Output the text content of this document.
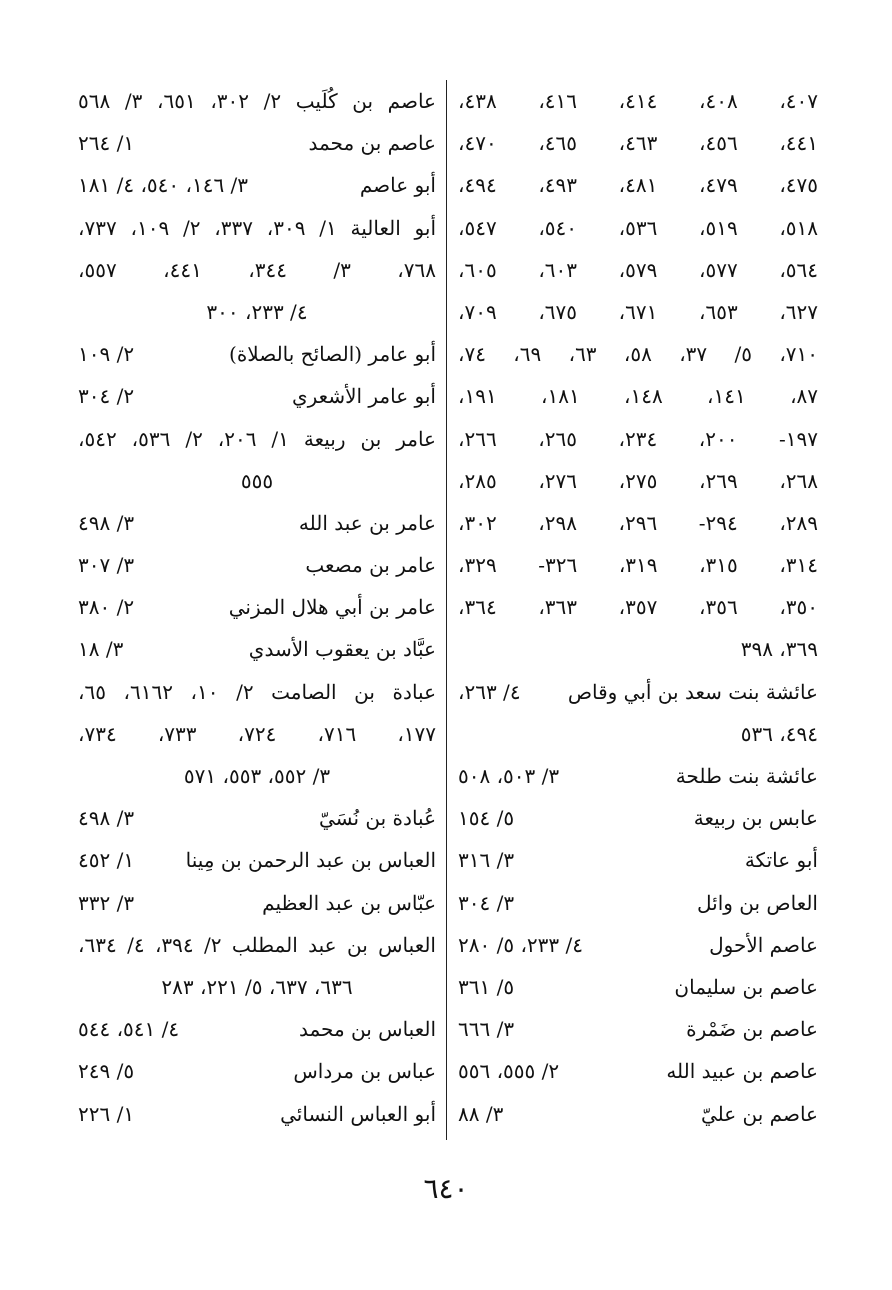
٤٠٧، ٤٠٨، ٤١٤، ٤١٦، ٤٣٨،
٤٤١، ٤٥٦، ٤٦٣، ٤٦٥، ٤٧٠،
٤٧٥، ٤٧٩، ٤٨١، ٤٩٣، ٤٩٤،
٥١٨، ٥١٩، ٥٣٦، ٥٤٠، ٥٤٧،
٥٦٤، ٥٧٧، ٥٧٩، ٦٠٣، ٦٠٥،
٦٢٧، ٦٥٣، ٦٧١، ٦٧٥، ٧٠٩،
٧١٠، ٥/ ٣٧، ٥٨، ٦٣، ٦٩، ٧٤،
٨٧، ١٤١، ١٤٨، ١٨١، ١٩١،
١٩٧- ٢٠٠، ٢٣٤، ٢٦٥، ٢٦٦،
٢٦٨، ٢٦٩، ٢٧٥، ٢٧٦، ٢٨٥،
٢٨٩، ٢٩٤- ٢٩٦، ٢٩٨، ٣٠٢،
٣١٤، ٣١٥، ٣١٩، ٣٢٦- ٣٢٩،
٣٥٠، ٣٥٦، ٣٥٧، ٣٦٣، ٣٦٤،
٣٦٩، ٣٩٨
عائشة بنت سعد بن أبي وقاص
٤/ ٢٦٣،
٤٩٤، ٥٣٦
عائشة بنت طلحة
٣/ ٥٠٣، ٥٠٨
عابس بن ربيعة
٥/ ١٥٤
أبو عاتكة
٣/ ٣١٦
العاص بن وائل
٣/ ٣٠٤
عاصم الأحول
٤/ ٢٣٣، ٥/ ٢٨٠
عاصم بن سليمان
٥/ ٣٦١
عاصم بن ضَمْرة
٣/ ٦٦٦
عاصم بن عبيد الله
٢/ ٥٥٥، ٥٥٦
عاصم بن عليّ
٣/ ٨٨
عاصم بن كُلَيب ٢/ ٣٠٢، ٦٥١، ٣/ ٥٦٨
عاصم بن محمد
١/ ٢٦٤
أبو عاصم
٣/ ١٤٦، ٥٤٠، ٤/ ١٨١
أبو العالية ١/ ٣٠٩، ٣٣٧، ٢/ ١٠٩، ٧٣٧،
٧٦٨، ٣/ ٣٤٤، ٤٤١، ٥٥٧،
٤/ ٢٣٣، ٣٠٠
أبو عامر (الصائح بالصلاة)
٢/ ١٠٩
أبو عامر الأشعري
٢/ ٣٠٤
عامر بن ربيعة ١/ ٢٠٦، ٢/ ٥٣٦، ٥٤٢،
٥٥٥
عامر بن عبد الله
٣/ ٤٩٨
عامر بن مصعب
٣/ ٣٠٧
عامر بن أبي هلال المزني
٢/ ٣٨٠
عبَّاد بن يعقوب الأسدي
٣/ ١٨
عبادة بن الصامت ٢/ ١٠، ٦١٦٢، ٦٥،
١٧٧، ٧١٦، ٧٢٤، ٧٣٣، ٧٣٤،
٣/ ٥٥٢، ٥٥٣، ٥٧١
عُبادة بن نُسَيّ
٣/ ٤٩٨
العباس بن عبد الرحمن بن مِينا
١/ ٤٥٢
عبّاس بن عبد العظيم
٣/ ٣٣٢
العباس بن عبد المطلب ٢/ ٣٩٤، ٤/ ٦٣٤،
٦٣٦، ٦٣٧، ٥/ ٢٢١، ٢٨٣
العباس بن محمد
٤/ ٥٤١، ٥٤٤
عباس بن مرداس
٥/ ٢٤٩
أبو العباس النسائي
١/ ٢٢٦
٦٤٠
